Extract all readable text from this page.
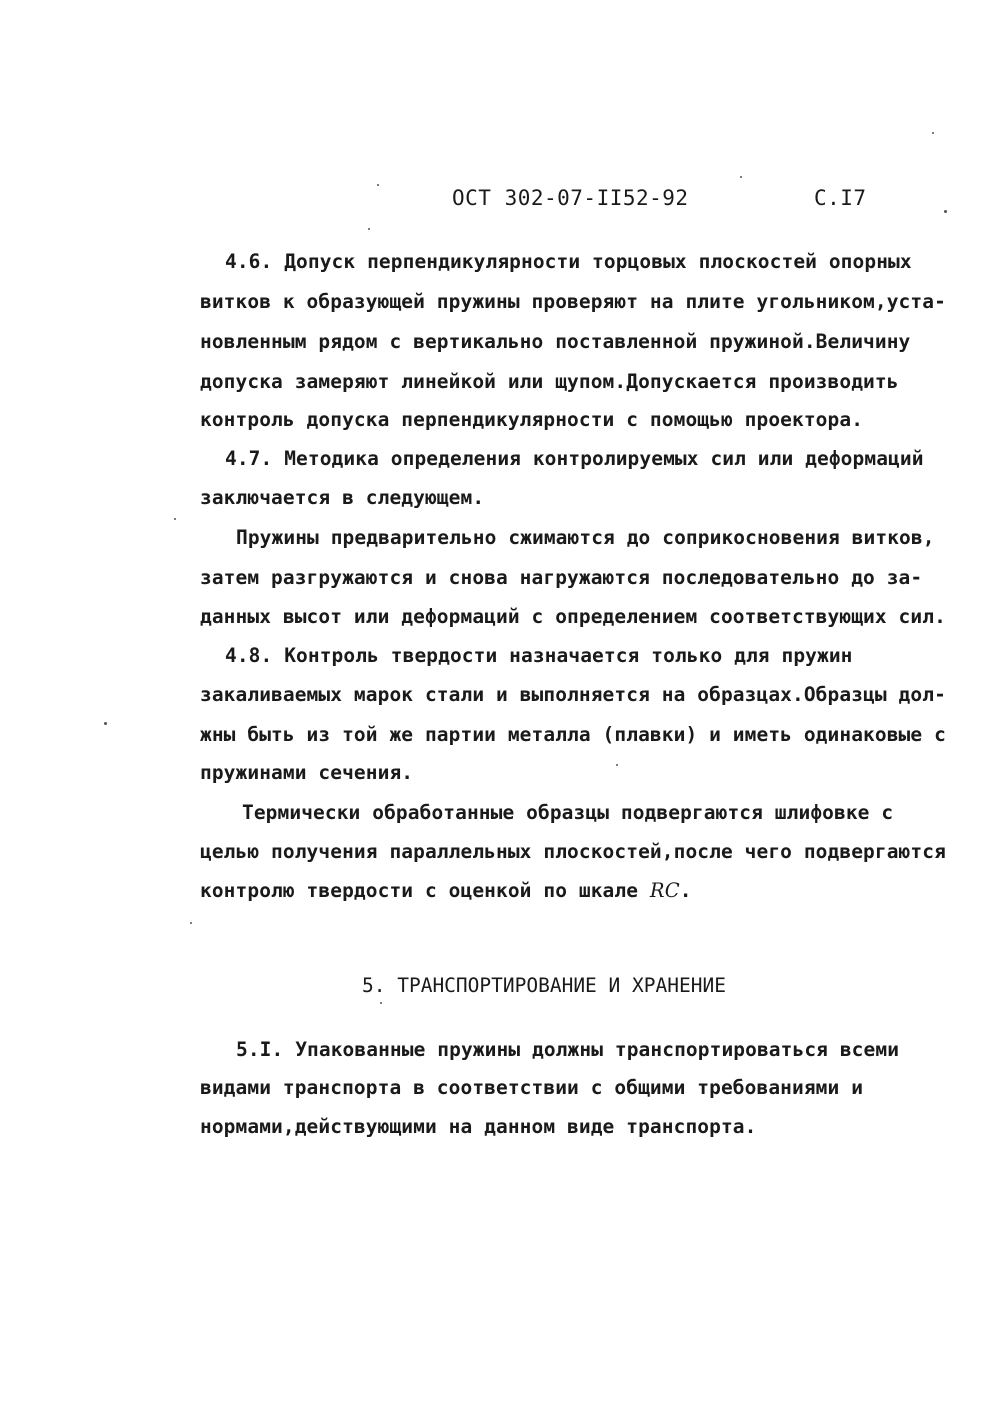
ОСТ 302-07-II52-92	С.I7
4.6. Допуск перпендикулярности торцовых плоскостей опорных
витков к образующей пружины проверяют на плите угольником,уста-
новленным рядом с вертикально поставленной пружиной.Величину
допуска замеряют линейкой или щупом.Допускается производить
контроль допуска перпендикулярности с помощью проектора.
4.7. Методика определения контролируемых сил или деформаций
заключается в следующем.
Пружины предварительно сжимаются до соприкосновения витков,
затем разгружаются и снова нагружаются последовательно до за-
данных высот или деформаций с определением соответствующих сил.
4.8. Контроль твердости назначается только для пружин
закаливаемых марок стали и выполняется на образцах.Образцы дол-
жны быть из той же партии металла (плавки) и иметь одинаковые с
пружинами сечения.
Термически обработанные образцы подвергаются шлифовке с
целью получения параллельных плоскостей,после чего подвергаются
контролю твердости с оценкой по шкале RC.
5. ТРАНСПОРТИРОВАНИЕ И ХРАНЕНИЕ
5.I. Упакованные пружины должны транспортироваться всеми
видами транспорта в соответствии с общими требованиями и
нормами,действующими на данном виде транспорта.
